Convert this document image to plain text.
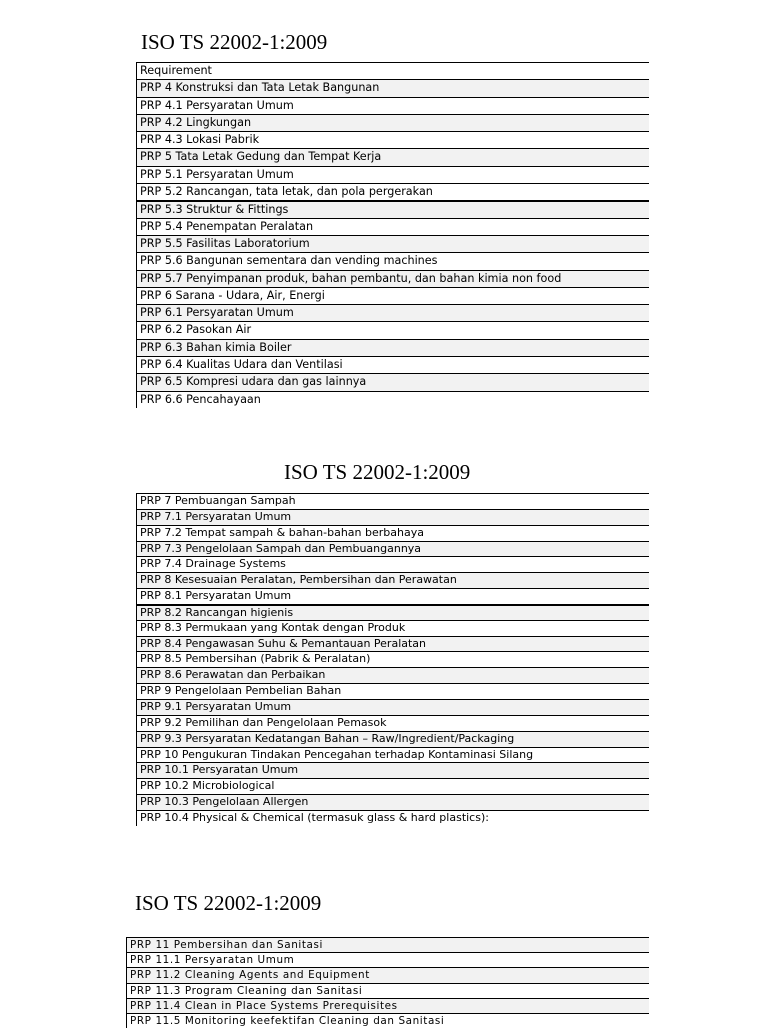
ISO TS 22002-1:2009
Requirement
PRP 4 Konstruksi dan Tata Letak Bangunan
PRP 4.1 Persyaratan Umum
PRP 4.2 Lingkungan
PRP 4.3 Lokasi Pabrik
PRP 5 Tata Letak Gedung dan Tempat Kerja
PRP 5.1 Persyaratan Umum
PRP 5.2 Rancangan, tata letak, dan pola pergerakan
PRP 5.3 Struktur & Fittings
PRP 5.4 Penempatan Peralatan
PRP 5.5 Fasilitas Laboratorium
PRP 5.6 Bangunan sementara dan vending machines
PRP 5.7 Penyimpanan produk, bahan pembantu, dan bahan kimia non food
PRP 6 Sarana - Udara, Air, Energi
PRP 6.1 Persyaratan Umum
PRP 6.2 Pasokan Air
PRP 6.3 Bahan kimia Boiler
PRP 6.4 Kualitas Udara dan Ventilasi
PRP 6.5 Kompresi udara dan gas lainnya
PRP 6.6 Pencahayaan
ISO TS 22002-1:2009
PRP 7 Pembuangan Sampah
PRP 7.1 Persyaratan Umum
PRP 7.2 Tempat sampah & bahan-bahan berbahaya
PRP 7.3 Pengelolaan Sampah dan Pembuangannya
PRP 7.4 Drainage Systems
PRP 8 Kesesuaian Peralatan, Pembersihan dan Perawatan
PRP 8.1 Persyaratan Umum
PRP 8.2 Rancangan higienis
PRP 8.3 Permukaan yang Kontak dengan Produk
PRP 8.4 Pengawasan Suhu & Pemantauan Peralatan
PRP 8.5 Pembersihan (Pabrik & Peralatan)
PRP 8.6 Perawatan dan Perbaikan
PRP 9 Pengelolaan Pembelian Bahan
PRP 9.1 Persyaratan Umum
PRP 9.2 Pemilihan dan Pengelolaan Pemasok
PRP 9.3 Persyaratan Kedatangan Bahan – Raw/Ingredient/Packaging
PRP 10 Pengukuran Tindakan Pencegahan terhadap Kontaminasi Silang
PRP 10.1 Persyaratan Umum
PRP 10.2 Microbiological
PRP 10.3 Pengelolaan Allergen
PRP 10.4 Physical & Chemical (termasuk glass & hard plastics):
ISO TS 22002-1:2009
PRP 11 Pembersihan dan Sanitasi
PRP 11.1 Persyaratan Umum
PRP 11.2 Cleaning Agents and Equipment
PRP 11.3 Program Cleaning dan Sanitasi
PRP 11.4 Clean in Place Systems Prerequisites
PRP 11.5 Monitoring keefektifan Cleaning dan Sanitasi
